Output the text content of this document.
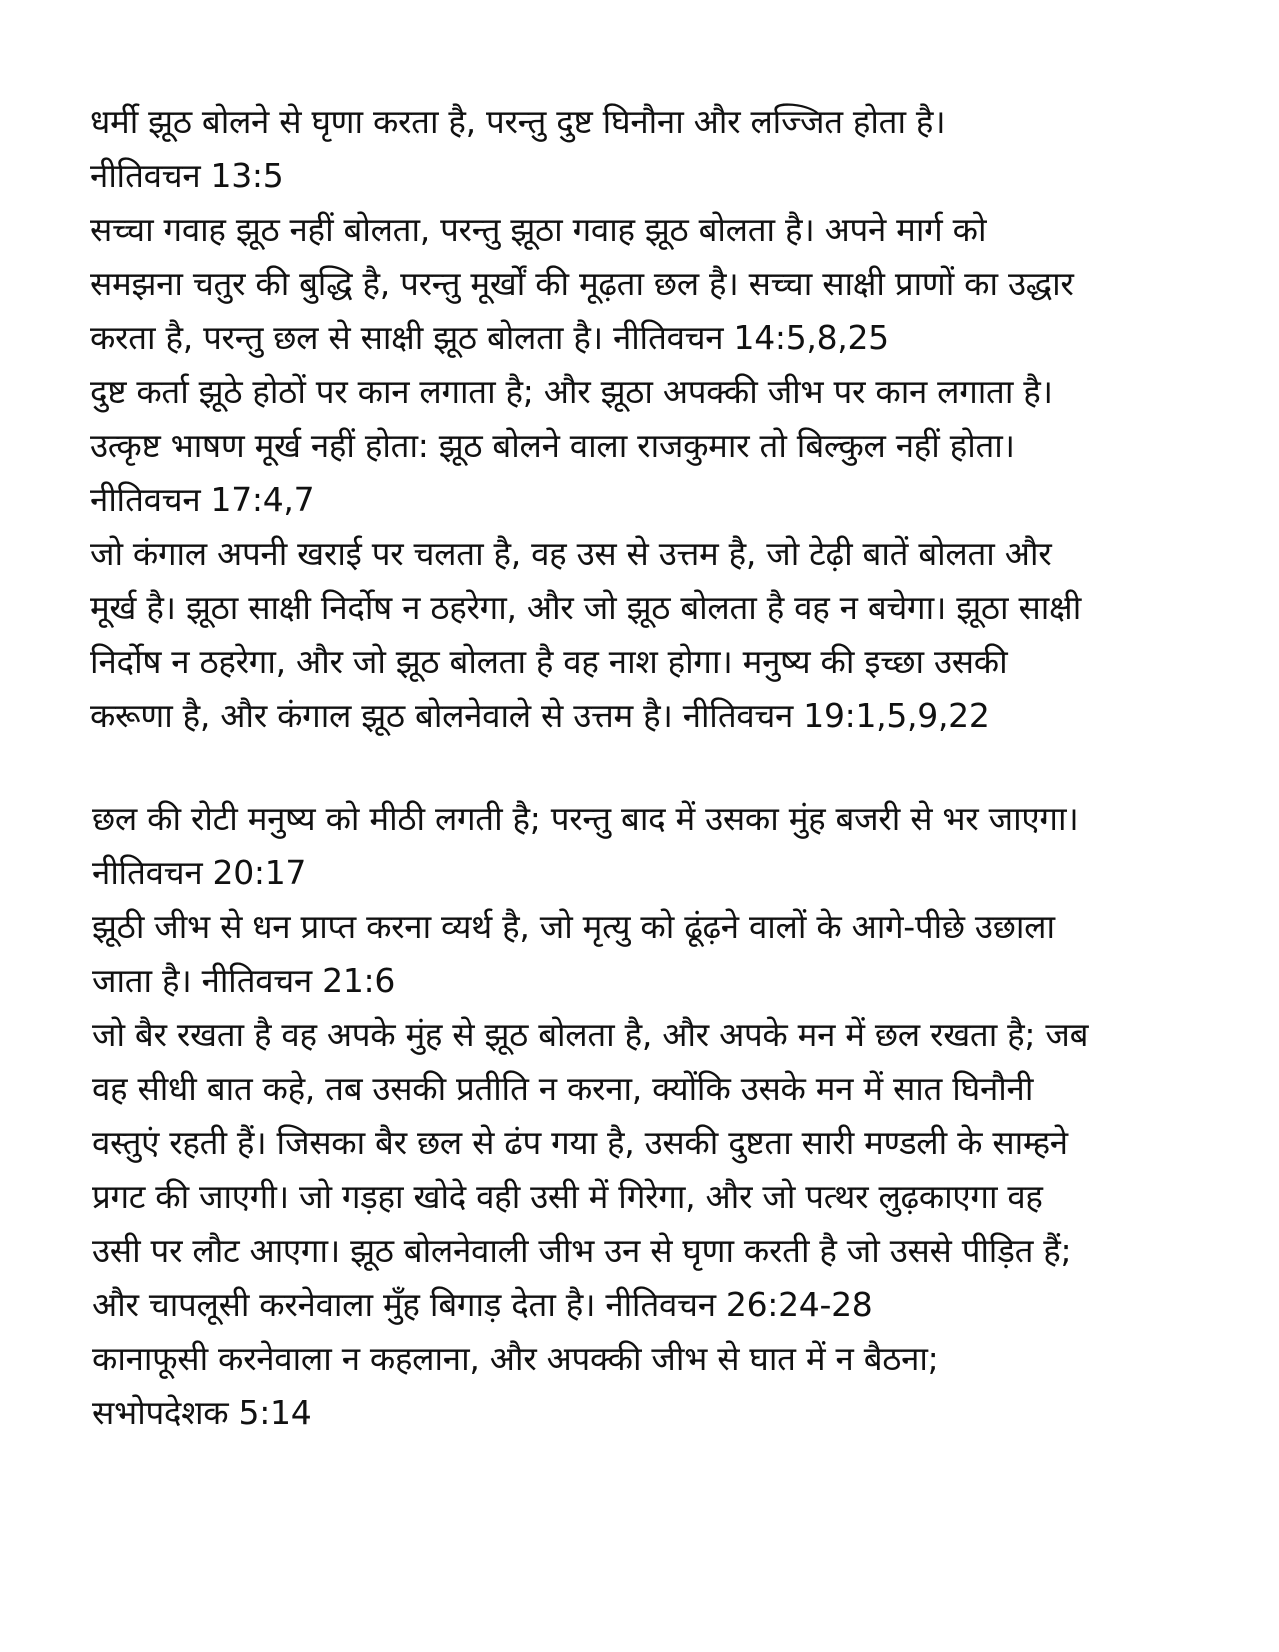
धर्मी झूठ बोलने से घृणा करता है, परन्तु दुष्ट घिनौना और लज्जित होता है।
नीतिवचन 13:5
सच्चा गवाह झूठ नहीं बोलता, परन्तु झूठा गवाह झूठ बोलता है। अपने मार्ग को
समझना चतुर की बुद्धि है, परन्तु मूर्खों की मूढ़ता छल है। सच्चा साक्षी प्राणों का उद्धार
करता है, परन्तु छल से साक्षी झूठ बोलता है। नीतिवचन 14:5,8,25
दुष्ट कर्ता झूठे होठों पर कान लगाता है; और झूठा अपक्की जीभ पर कान लगाता है।
उत्कृष्ट भाषण मूर्ख नहीं होता: झूठ बोलने वाला राजकुमार तो बिल्कुल नहीं होता।
नीतिवचन 17:4,7
जो कंगाल अपनी खराई पर चलता है, वह उस से उत्तम है, जो टेढ़ी बातें बोलता और
मूर्ख है। झूठा साक्षी निर्दोष न ठहरेगा, और जो झूठ बोलता है वह न बचेगा। झूठा साक्षी
निर्दोष न ठहरेगा, और जो झूठ बोलता है वह नाश होगा। मनुष्य की इच्छा उसकी
करूणा है, और कंगाल झूठ बोलनेवाले से उत्तम है। नीतिवचन 19:1,5,9,22
छल की रोटी मनुष्य को मीठी लगती है; परन्तु बाद में उसका मुंह बजरी से भर जाएगा।
नीतिवचन 20:17
झूठी जीभ से धन प्राप्त करना व्यर्थ है, जो मृत्यु को ढूंढ़ने वालों के आगे-पीछे उछाला
जाता है। नीतिवचन 21:6
जो बैर रखता है वह अपके मुंह से झूठ बोलता है, और अपके मन में छल रखता है; जब
वह सीधी बात कहे, तब उसकी प्रतीति न करना, क्योंकि उसके मन में सात घिनौनी
वस्तुएं रहती हैं। जिसका बैर छल से ढंप गया है, उसकी दुष्टता सारी मण्डली के साम्हने
प्रगट की जाएगी। जो गड़हा खोदे वही उसी में गिरेगा, और जो पत्थर लुढ़काएगा वह
उसी पर लौट आएगा। झूठ बोलनेवाली जीभ उन से घृणा करती है जो उससे पीड़ित हैं;
और चापलूसी करनेवाला मुँह बिगाड़ देता है। नीतिवचन 26:24-28
कानाफूसी करनेवाला न कहलाना, और अपक्की जीभ से घात में न बैठना;
सभोपदेशक 5:14
